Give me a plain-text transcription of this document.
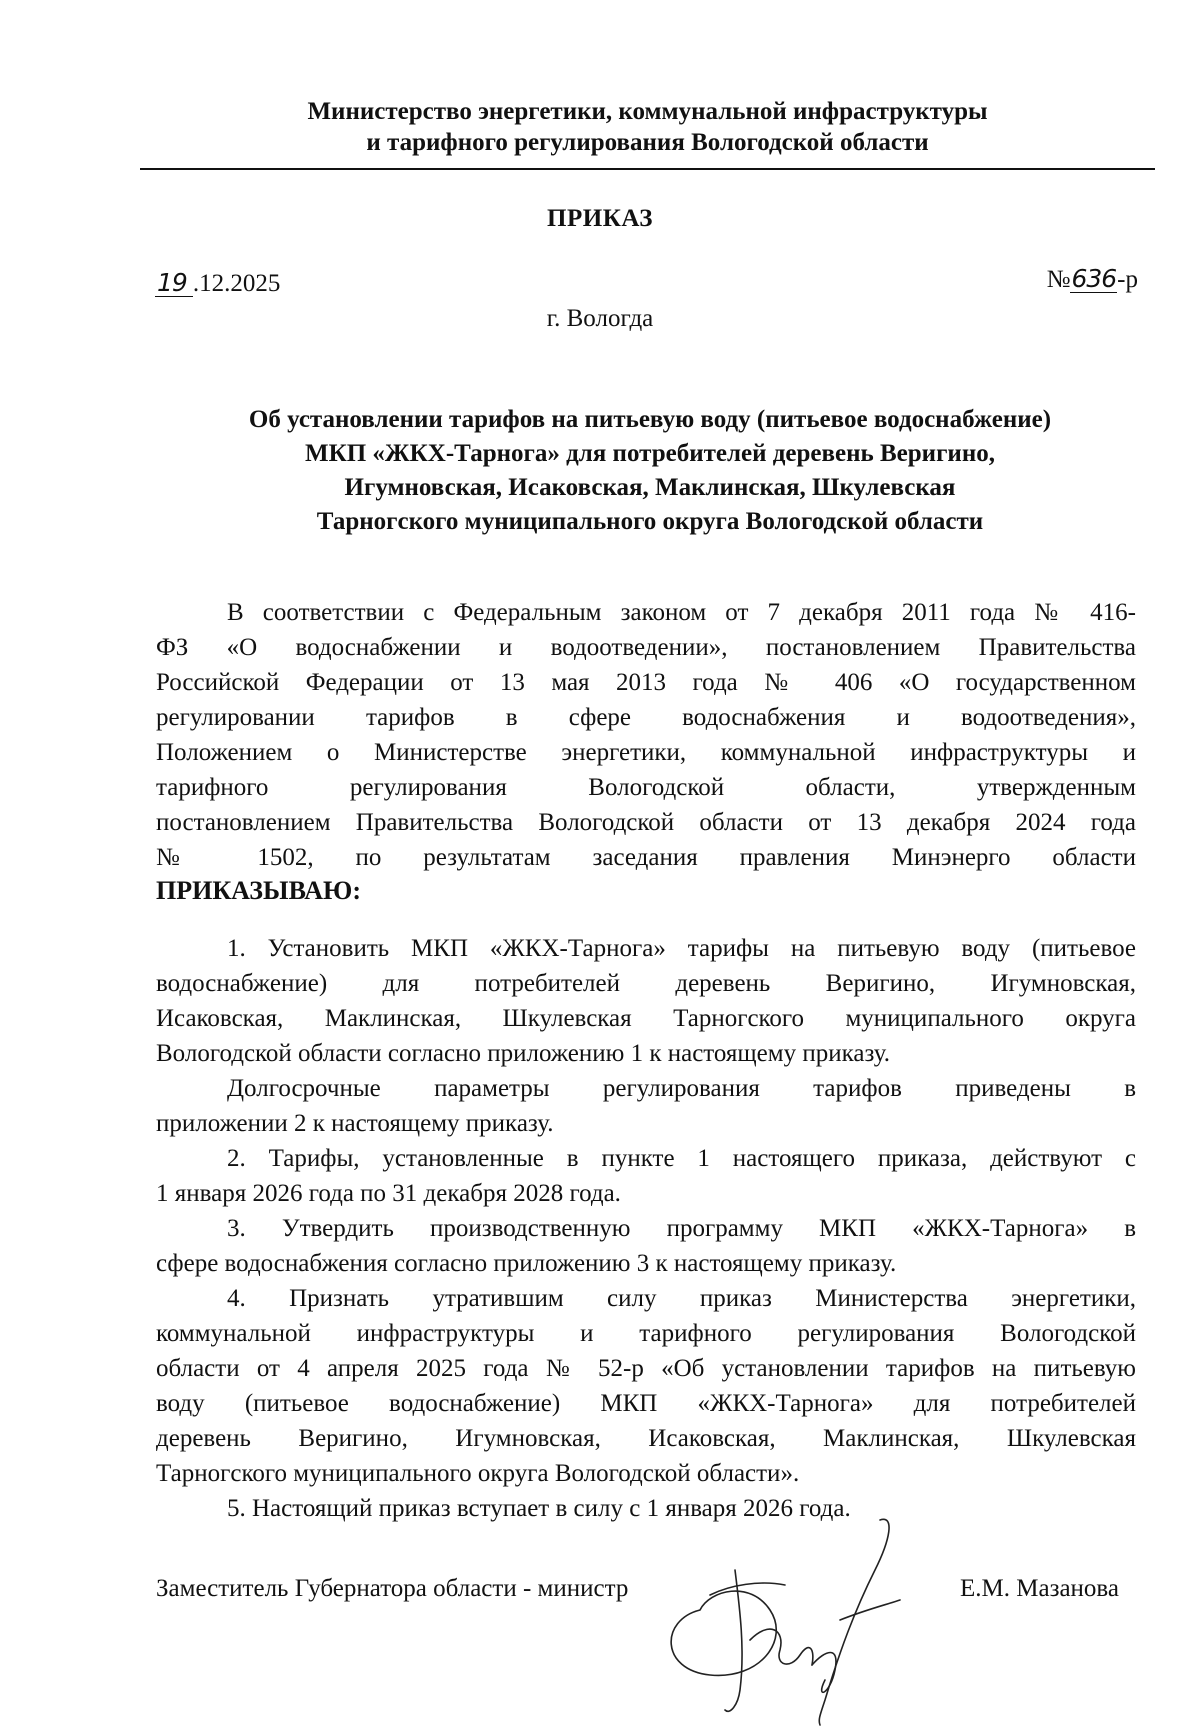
Министерство энергетики, коммунальной инфраструктуры
и тарифного регулирования Вологодской области
ПРИКАЗ
19 .12.2025	№636-р
г. Вологда
Об установлении тарифов на питьевую воду (питьевое водоснабжение)
МКП «ЖКХ-Тарнога» для потребителей деревень Веригино,
Игумновская, Исаковская, Маклинская, Шкулевская
Тарногского муниципального округа Вологодской области
В соответствии с Федеральным законом от 7 декабря 2011 года № 416-
ФЗ «О водоснабжении и водоотведении», постановлением Правительства
Российской Федерации от 13 мая 2013 года № 406 «О государственном
регулировании тарифов в сфере водоснабжения и водоотведения»,
Положением о Министерстве энергетики, коммунальной инфраструктуры и
тарифного регулирования Вологодской области, утвержденным
постановлением Правительства Вологодской области от 13 декабря 2024 года
№ 1502, по результатам заседания правления Минэнерго области
ПРИКАЗЫВАЮ:
1. Установить МКП «ЖКХ-Тарнога» тарифы на питьевую воду (питьевое
водоснабжение) для потребителей деревень Веригино, Игумновская,
Исаковская, Маклинская, Шкулевская Тарногского муниципального округа
Вологодской области согласно приложению 1 к настоящему приказу.
Долгосрочные параметры регулирования тарифов приведены в
приложении 2 к настоящему приказу.
2. Тарифы, установленные в пункте 1 настоящего приказа, действуют с
1 января 2026 года по 31 декабря 2028 года.
3. Утвердить производственную программу МКП «ЖКХ-Тарнога» в
сфере водоснабжения согласно приложению 3 к настоящему приказу.
4. Признать утратившим силу приказ Министерства энергетики,
коммунальной инфраструктуры и тарифного регулирования Вологодской
области от 4 апреля 2025 года № 52-р «Об установлении тарифов на питьевую
воду (питьевое водоснабжение) МКП «ЖКХ-Тарнога» для потребителей
деревень Веригино, Игумновская, Исаковская, Маклинская, Шкулевская
Тарногского муниципального округа Вологодской области».
5. Настоящий приказ вступает в силу с 1 января 2026 года.
Заместитель Губернатора области - министр	Е.М. Мазанова
